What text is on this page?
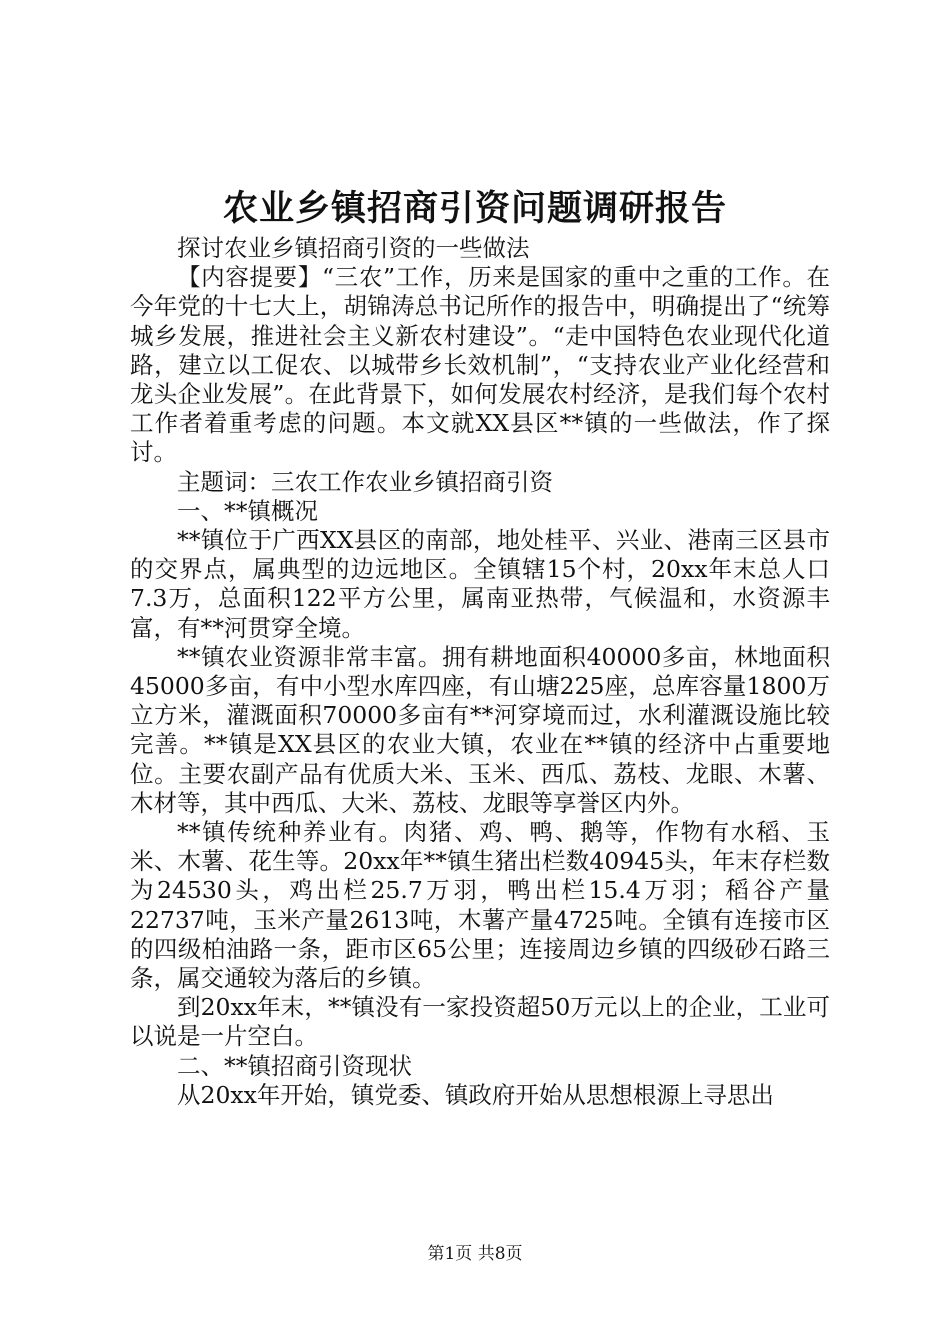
农业乡镇招商引资问题调研报告

探讨农业乡镇招商引资的一些做法

【内容提要】“三农”工作，历来是国家的重中之重的工作。在今年党的十七大上，胡锦涛总书记所作的报告中，明确提出了“统筹城乡发展，推进社会主义新农村建设”。“走中国特色农业现代化道路，建立以工促农、以城带乡长效机制”，“支持农业产业化经营和龙头企业发展”。在此背景下，如何发展农村经济，是我们每个农村工作者着重考虑的问题。本文就XX县区**镇的一些做法，作了探讨。

主题词：三农工作农业乡镇招商引资

一、**镇概况

**镇位于广西XX县区的南部，地处桂平、兴业、港南三区县市的交界点，属典型的边远地区。全镇辖15个村，20xx年末总人口7.3万，总面积122平方公里，属南亚热带，气候温和，水资源丰富，有**河贯穿全境。

**镇农业资源非常丰富。拥有耕地面积40000多亩，林地面积45000多亩，有中小型水库四座，有山塘225座，总库容量1800万立方米，灌溉面积70000多亩有**河穿境而过，水利灌溉设施比较完善。**镇是XX县区的农业大镇，农业在**镇的经济中占重要地位。主要农副产品有优质大米、玉米、西瓜、荔枝、龙眼、木薯、木材等，其中西瓜、大米、荔枝、龙眼等享誉区内外。

**镇传统种养业有。肉猪、鸡、鸭、鹅等，作物有水稻、玉米、木薯、花生等。20xx年**镇生猪出栏数40945头，年末存栏数为24530头，鸡出栏25.7万羽，鸭出栏15.4万羽；稻谷产量22737吨，玉米产量2613吨，木薯产量4725吨。全镇有连接市区的四级柏油路一条，距市区65公里；连接周边乡镇的四级砂石路三条，属交通较为落后的乡镇。

到20xx年末，**镇没有一家投资超50万元以上的企业，工业可以说是一片空白。

二、**镇招商引资现状

从20xx年开始，镇党委、镇政府开始从思想根源上寻思出

第1页 共8页
